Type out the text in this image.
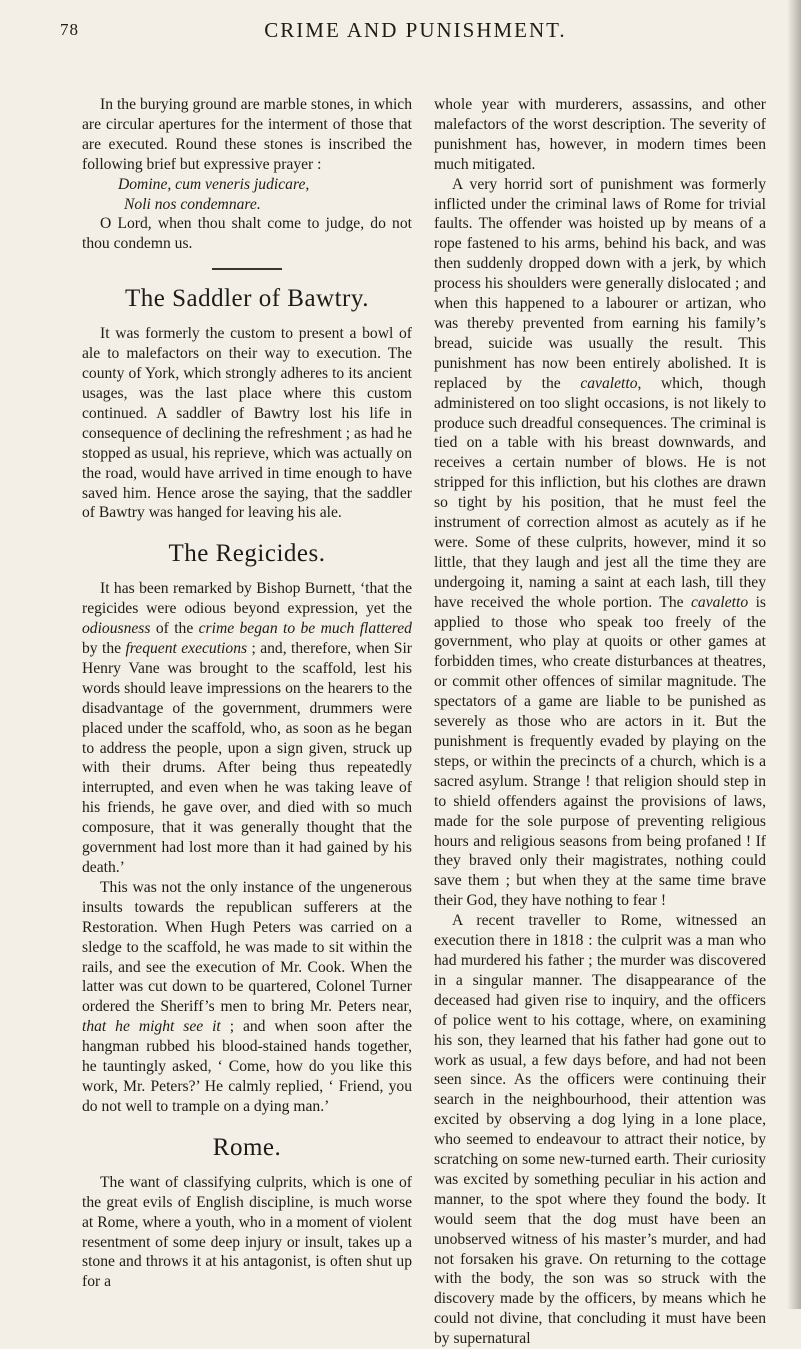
78	CRIME AND PUNISHMENT.

In the burying ground are marble stones, in which are circular apertures for the interment of those that are executed. Round these stones is inscribed the following brief but expressive prayer :

Domine, cum veneris judicare,

Noli nos condemnare.

O Lord, when thou shalt come to judge, do not thou condemn us.

The Saddler of Bawtry.

It was formerly the custom to present a bowl of ale to malefactors on their way to execution. The county of York, which strongly adheres to its ancient usages, was the last place where this custom continued. A saddler of Bawtry lost his life in consequence of declining the refreshment ; as had he stopped as usual, his reprieve, which was actually on the road, would have arrived in time enough to have saved him. Hence arose the saying, that the saddler of Bawtry was hanged for leaving his ale.

The Regicides.

It has been remarked by Bishop Burnett, ‘that the regicides were odious beyond expression, yet the odiousness of the crime began to be much flattered by the frequent executions ; and, therefore, when Sir Henry Vane was brought to the scaffold, lest his words should leave impressions on the hearers to the disadvantage of the government, drummers were placed under the scaffold, who, as soon as he began to address the people, upon a sign given, struck up with their drums. After being thus repeatedly interrupted, and even when he was taking leave of his friends, he gave over, and died with so much composure, that it was generally thought that the government had lost more than it had gained by his death.’

This was not the only instance of the ungenerous insults towards the republican sufferers at the Restoration. When Hugh Peters was carried on a sledge to the scaffold, he was made to sit within the rails, and see the execution of Mr. Cook. When the latter was cut down to be quartered, Colonel Turner ordered the Sheriff’s men to bring Mr. Peters near, that he might see it ; and when soon after the hangman rubbed his blood-stained hands together, he tauntingly asked, ‘ Come, how do you like this work, Mr. Peters?’ He calmly replied, ‘ Friend, you do not well to trample on a dying man.’

Rome.

The want of classifying culprits, which is one of the great evils of English discipline, is much worse at Rome, where a youth, who in a moment of violent resentment of some deep injury or insult, takes up a stone and throws it at his antagonist, is often shut up for a

whole year with murderers, assassins, and other malefactors of the worst description. The severity of punishment has, however, in modern times been much mitigated.

A very horrid sort of punishment was formerly inflicted under the criminal laws of Rome for trivial faults. The offender was hoisted up by means of a rope fastened to his arms, behind his back, and was then suddenly dropped down with a jerk, by which process his shoulders were generally dislocated ; and when this happened to a labourer or artizan, who was thereby prevented from earning his family’s bread, suicide was usually the result. This punishment has now been entirely abolished. It is replaced by the cavaletto, which, though administered on too slight occasions, is not likely to produce such dreadful consequences. The criminal is tied on a table with his breast downwards, and receives a certain number of blows. He is not stripped for this infliction, but his clothes are drawn so tight by his position, that he must feel the instrument of correction almost as acutely as if he were. Some of these culprits, however, mind it so little, that they laugh and jest all the time they are undergoing it, naming a saint at each lash, till they have received the whole portion. The cavaletto is applied to those who speak too freely of the government, who play at quoits or other games at forbidden times, who create disturbances at theatres, or commit other offences of similar magnitude. The spectators of a game are liable to be punished as severely as those who are actors in it. But the punishment is frequently evaded by playing on the steps, or within the precincts of a church, which is a sacred asylum. Strange ! that religion should step in to shield offenders against the provisions of laws, made for the sole purpose of preventing religious hours and religious seasons from being profaned ! If they braved only their magistrates, nothing could save them ; but when they at the same time brave their God, they have nothing to fear !

A recent traveller to Rome, witnessed an execution there in 1818 : the culprit was a man who had murdered his father ; the murder was discovered in a singular manner. The disappearance of the deceased had given rise to inquiry, and the officers of police went to his cottage, where, on examining his son, they learned that his father had gone out to work as usual, a few days before, and had not been seen since. As the officers were continuing their search in the neighbourhood, their attention was excited by observing a dog lying in a lone place, who seemed to endeavour to attract their notice, by scratching on some new-turned earth. Their curiosity was excited by something peculiar in his action and manner, to the spot where they found the body. It would seem that the dog must have been an unobserved witness of his master’s murder, and had not forsaken his grave. On returning to the cottage with the body, the son was so struck with the discovery made by the officers, by means which he could not divine, that concluding it must have been by supernatural
